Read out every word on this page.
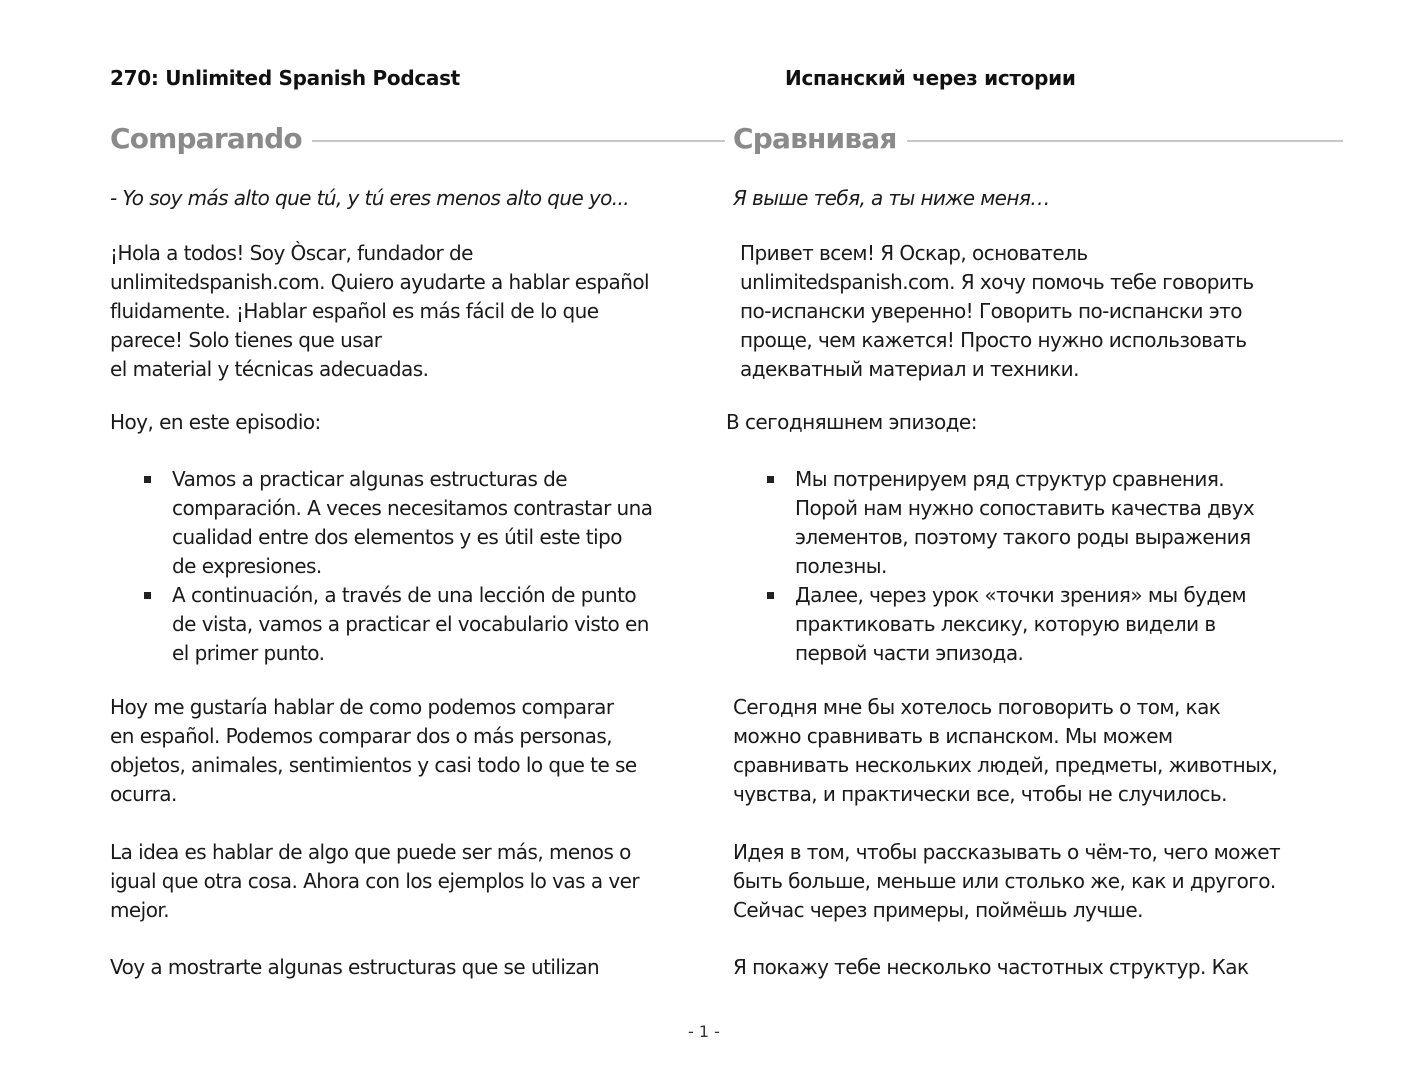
270: Unlimited Spanish Podcast
Comparando
- Yo soy más alto que tú, y tú eres menos alto que yo...
¡Hola a todos! Soy Òscar, fundador de
unlimitedspanish.com. Quiero ayudarte a hablar español
fluidamente. ¡Hablar español es más fácil de lo que
parece! Solo tienes que usar
el material y técnicas adecuadas.
Hoy, en este episodio:
Vamos a practicar algunas estructuras de
comparación. A veces necesitamos contrastar una
cualidad entre dos elementos y es útil este tipo
de expresiones.
A continuación, a través de una lección de punto
de vista, vamos a practicar el vocabulario visto en
el primer punto.
Hoy me gustaría hablar de como podemos comparar
en español. Podemos comparar dos o más personas,
objetos, animales, sentimientos y casi todo lo que te se
ocurra.
La idea es hablar de algo que puede ser más, menos o
igual que otra cosa. Ahora con los ejemplos lo vas a ver
mejor.
Voy a mostrarte algunas estructuras que se utilizan
Испанский через истории
Сравнивая
Я выше тебя, а ты ниже меня…
Привет всем! Я Оскар, основатель
unlimitedspanish.com. Я хочу помочь тебе говорить
по-испански уверенно! Говорить по-испански это
проще, чем кажется! Просто нужно использовать
адекватный материал и техники.
В сегодняшнем эпизоде:
Мы потренируем ряд структур сравнения.
Порой нам нужно сопоставить качества двух
элементов, поэтому такого роды выражения
полезны.
Далее, через урок «точки зрения» мы будем
практиковать лексику, которую видели в
первой части эпизода.
Сегодня мне бы хотелось поговорить о том, как
можно сравнивать в испанском. Мы можем
сравнивать нескольких людей, предметы, животных,
чувства, и практически все, чтобы не случилось.
Идея в том, чтобы рассказывать о чём-то, чего может
быть больше, меньше или столько же, как и другого.
Сейчас через примеры, поймёшь лучше.
Я покажу тебе несколько частотных структур. Как
- 1 -
